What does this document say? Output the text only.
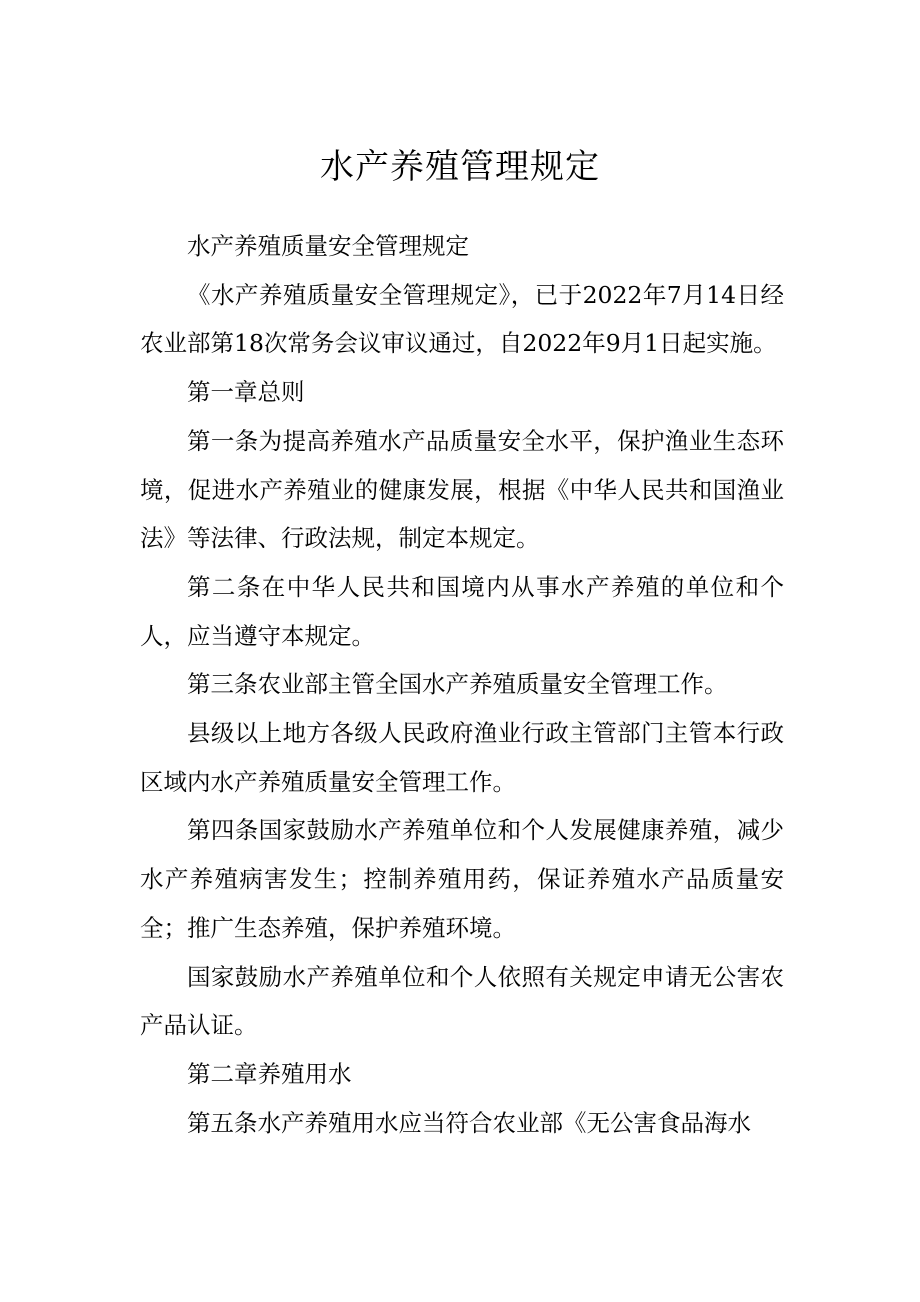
水产养殖管理规定

水产养殖质量安全管理规定

《水产养殖质量安全管理规定》，已于2022年7月14日经农业部第18次常务会议审议通过，自2022年9月1日起实施。

第一章总则

第一条为提高养殖水产品质量安全水平，保护渔业生态环境，促进水产养殖业的健康发展，根据《中华人民共和国渔业法》等法律、行政法规，制定本规定。

第二条在中华人民共和国境内从事水产养殖的单位和个人，应当遵守本规定。

第三条农业部主管全国水产养殖质量安全管理工作。

县级以上地方各级人民政府渔业行政主管部门主管本行政区域内水产养殖质量安全管理工作。

第四条国家鼓励水产养殖单位和个人发展健康养殖，减少水产养殖病害发生；控制养殖用药，保证养殖水产品质量安全；推广生态养殖，保护养殖环境。

国家鼓励水产养殖单位和个人依照有关规定申请无公害农产品认证。

第二章养殖用水

第五条水产养殖用水应当符合农业部《无公害食品海水
